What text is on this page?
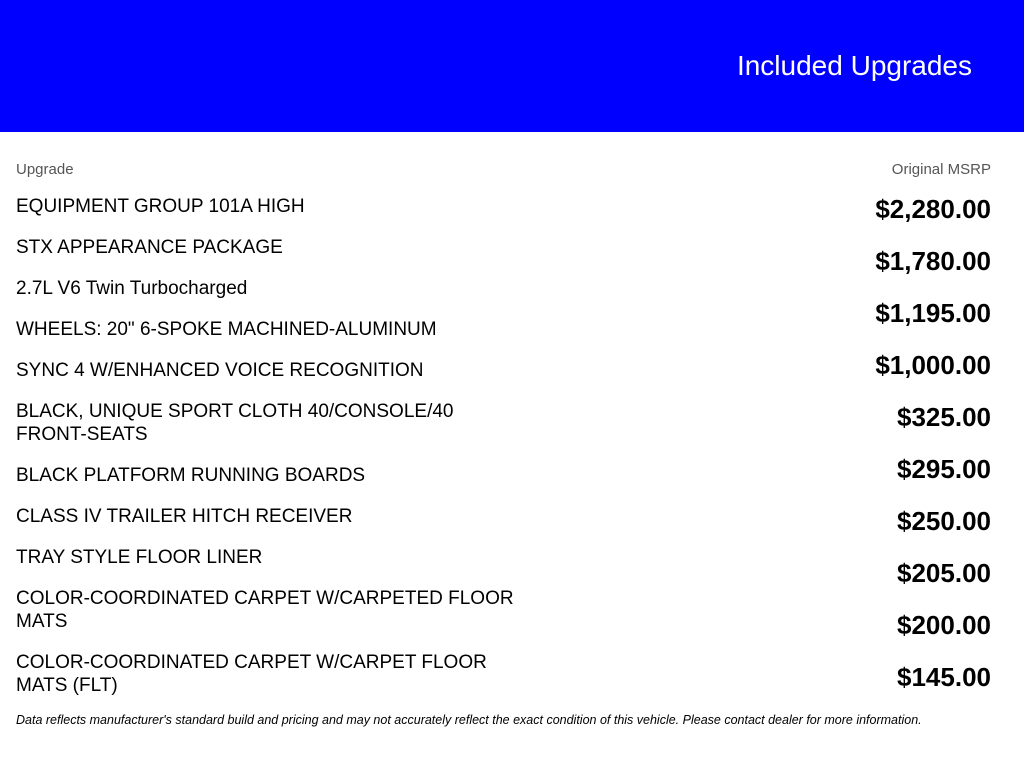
Included Upgrades
Upgrade	Original MSRP
EQUIPMENT GROUP 101A HIGH
STX APPEARANCE PACKAGE
2.7L V6 Twin Turbocharged
WHEELS: 20" 6-SPOKE MACHINED-ALUMINUM
SYNC 4 W/ENHANCED VOICE RECOGNITION
BLACK, UNIQUE SPORT CLOTH 40/CONSOLE/40 FRONT-SEATS
BLACK PLATFORM RUNNING BOARDS
CLASS IV TRAILER HITCH RECEIVER
TRAY STYLE FLOOR LINER
COLOR-COORDINATED CARPET W/CARPETED FLOOR MATS
COLOR-COORDINATED CARPET W/CARPET FLOOR MATS (FLT)
$2,280.00
$1,780.00
$1,195.00
$1,000.00
$325.00
$295.00
$250.00
$205.00
$200.00
$145.00
Data reflects manufacturer's standard build and pricing and may not accurately reflect the exact condition of this vehicle. Please contact dealer for more information.
